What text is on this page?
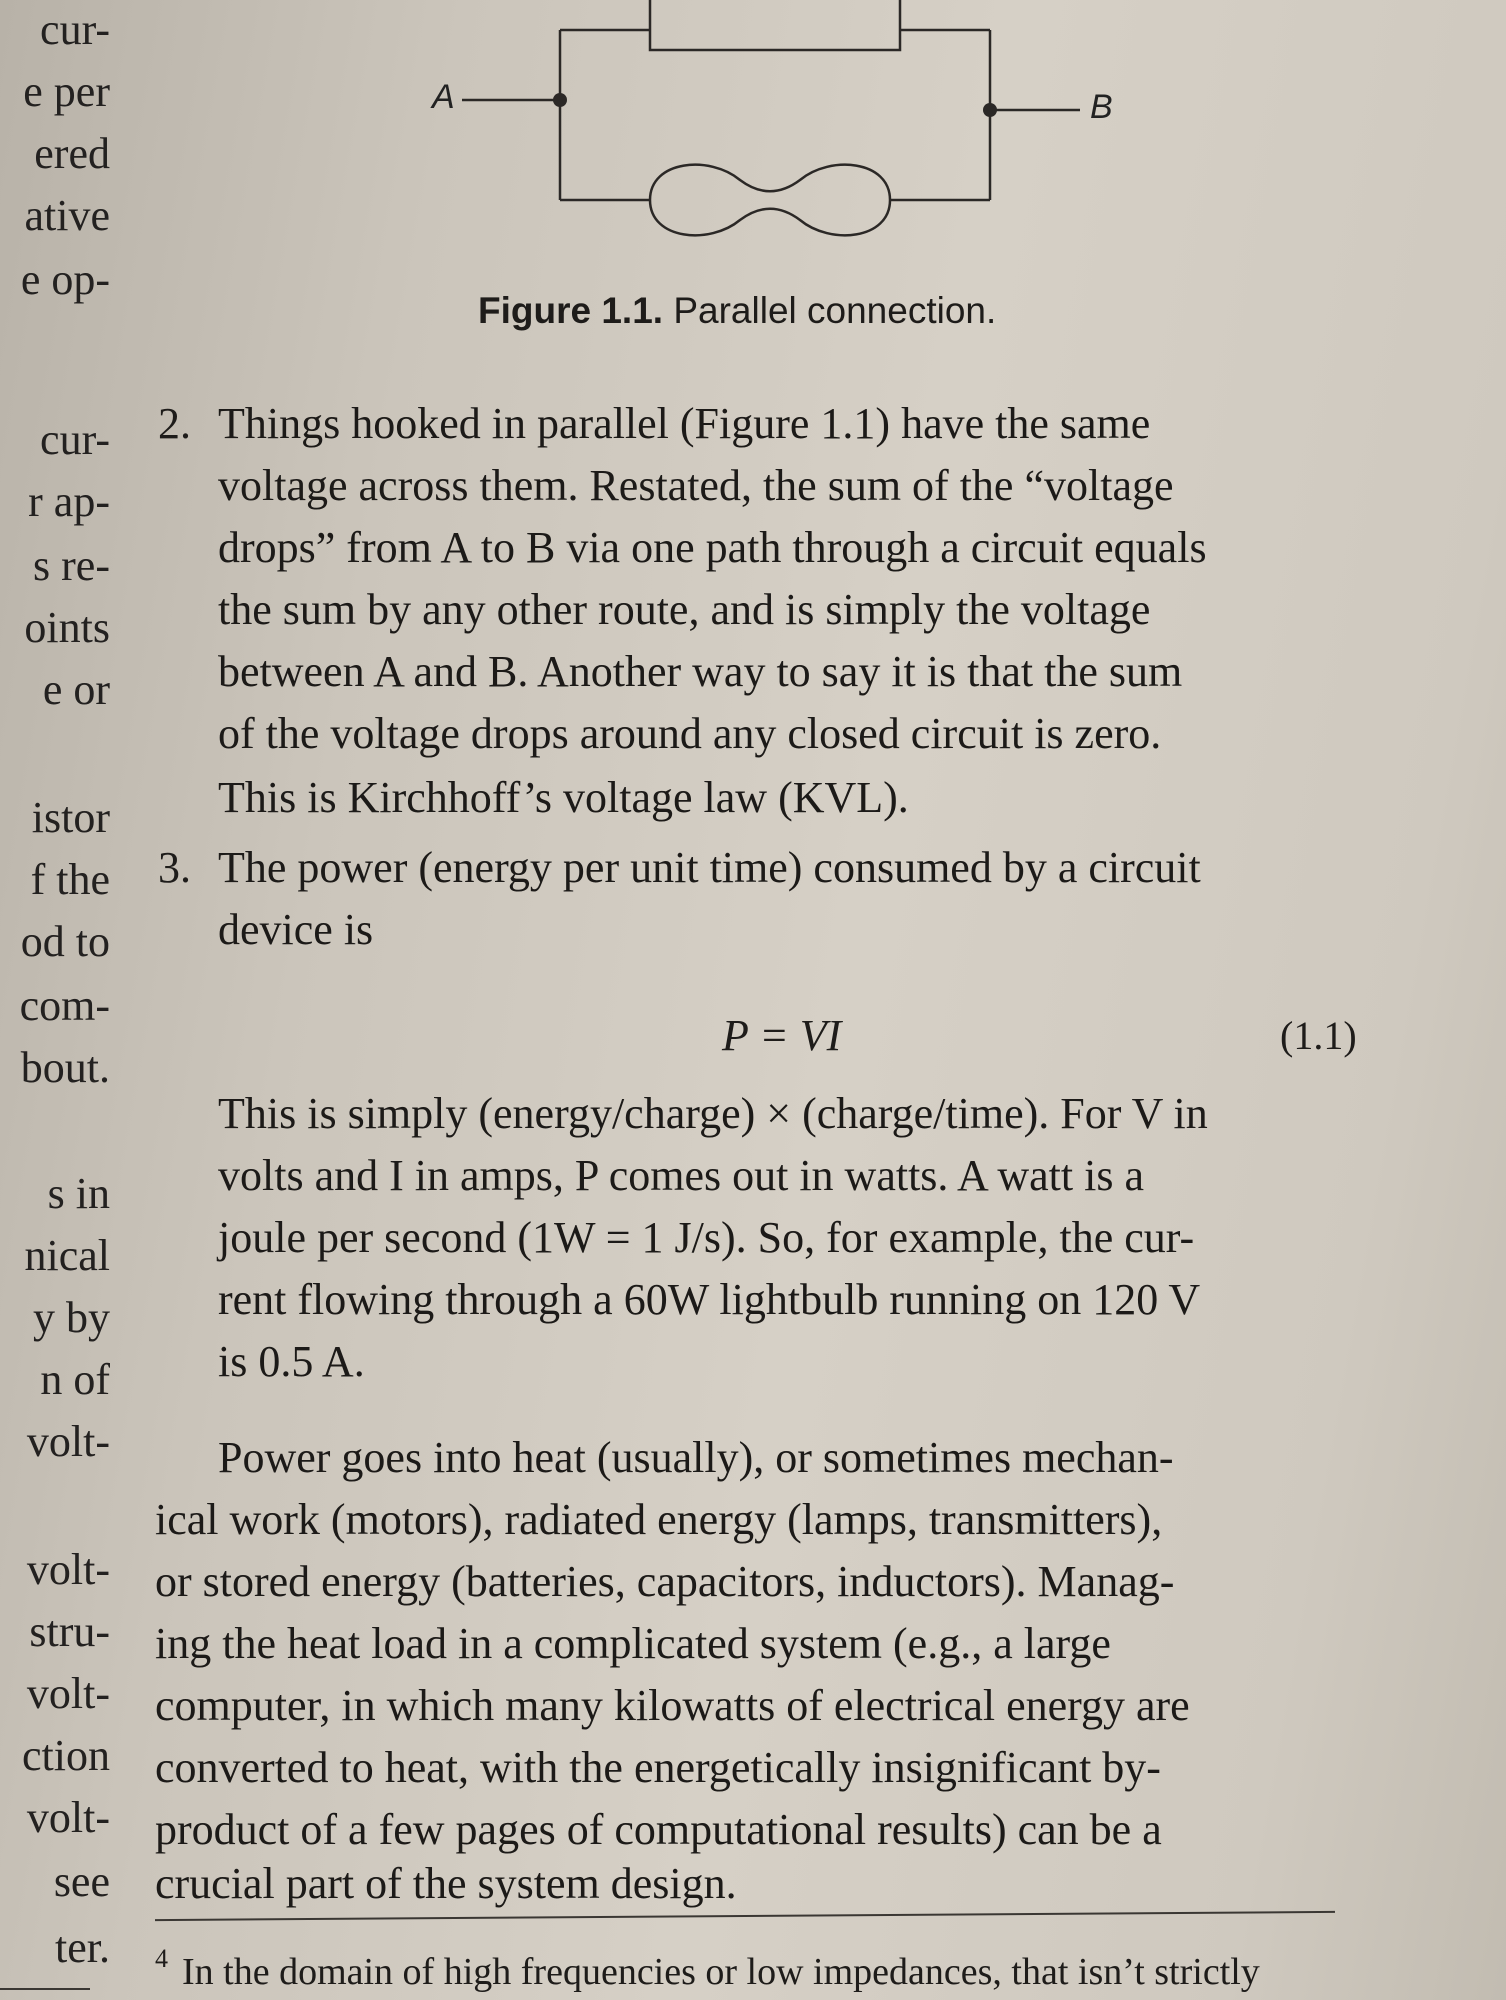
cur-
e per
ered
ative
e op-
cur-
r ap-
s re-
oints
e or
istor
f the
od to
com-
bout.
s in
nical
y by
n of
volt-
volt-
stru-
volt-
ction
volt-
see
ter.
A	B
Figure 1.1. Parallel connection.
2. Things hooked in parallel (Figure 1.1) have the same
voltage across them. Restated, the sum of the “voltage
drops” from A to B via one path through a circuit equals
the sum by any other route, and is simply the voltage
between A and B. Another way to say it is that the sum
of the voltage drops around any closed circuit is zero.
This is Kirchhoff’s voltage law (KVL).
3. The power (energy per unit time) consumed by a circuit
device is
P = VI	(1.1)
This is simply (energy/charge) × (charge/time). For V in
volts and I in amps, P comes out in watts. A watt is a
joule per second (1W = 1 J/s). So, for example, the cur-
rent flowing through a 60W lightbulb running on 120 V
is 0.5 A.
Power goes into heat (usually), or sometimes mechan-
ical work (motors), radiated energy (lamps, transmitters),
or stored energy (batteries, capacitors, inductors). Manag-
ing the heat load in a complicated system (e.g., a large
computer, in which many kilowatts of electrical energy are
converted to heat, with the energetically insignificant by-
product of a few pages of computational results) can be a
crucial part of the system design.
$^4$ In the domain of high frequencies or low impedances, that isn’t strictly
